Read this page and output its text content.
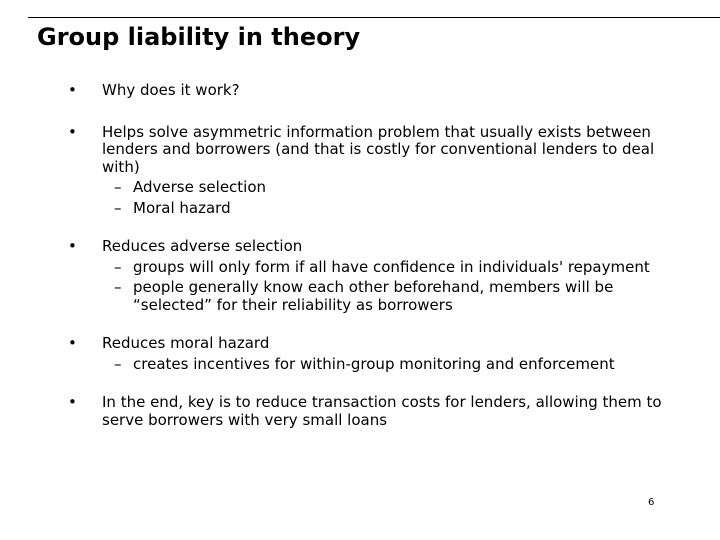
Group liability in theory
•	Why does it work?
•	Helps solve asymmetric information problem that usually exists between lenders and borrowers (and that is costly for conventional lenders to deal with)
– Adverse selection
– Moral hazard
•	Reduces adverse selection
– groups will only form if all have confidence in individuals' repayment
– people generally know each other beforehand, members will be “selected” for their reliability as borrowers
•	Reduces moral hazard
– creates incentives for within-group monitoring and enforcement
•	In the end, key is to reduce transaction costs for lenders, allowing them to serve borrowers with very small loans
6
